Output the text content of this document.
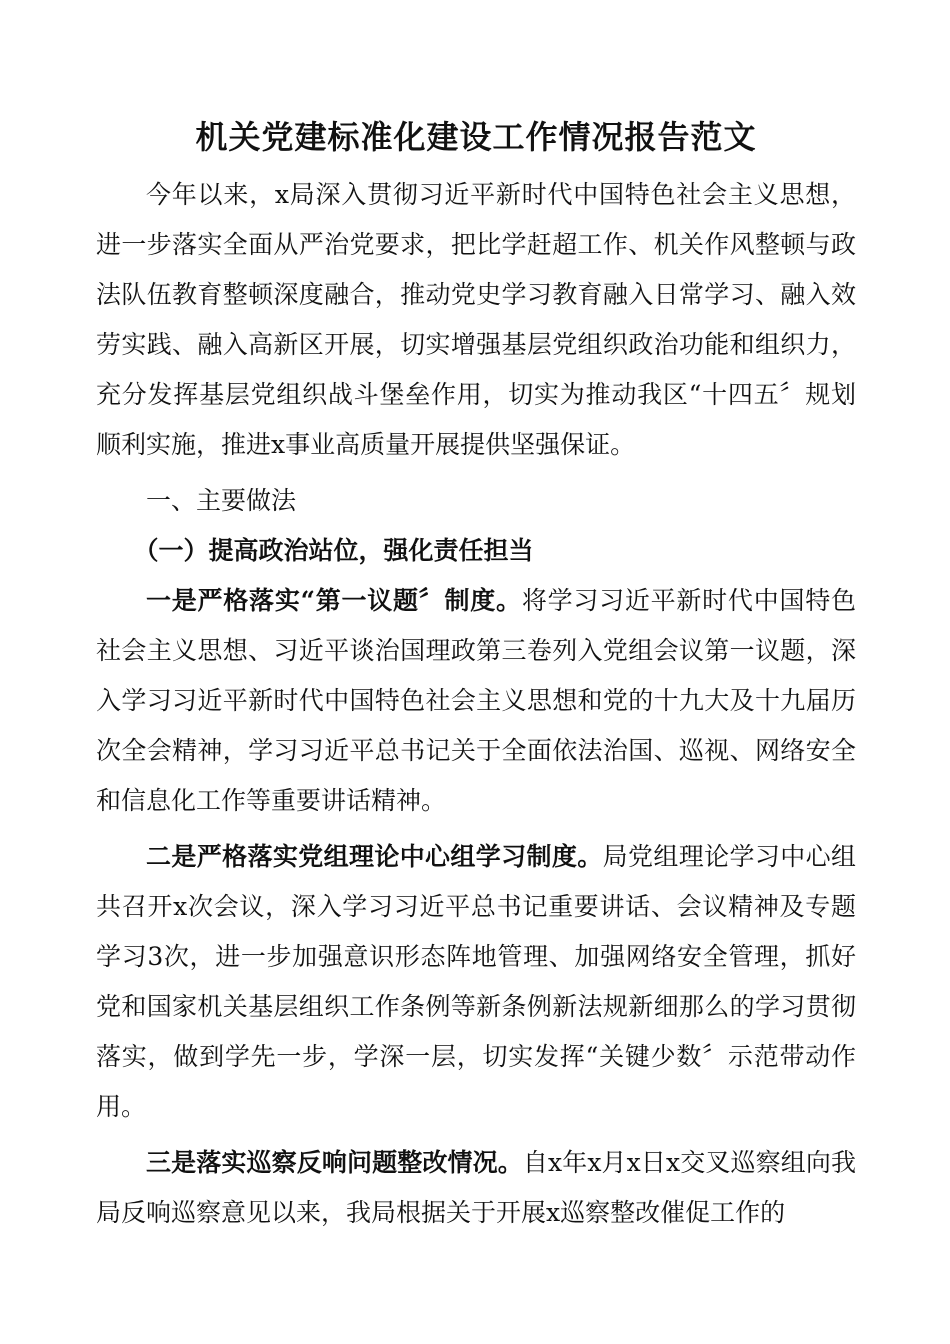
机关党建标准化建设工作情况报告范文

今年以来，x局深入贯彻习近平新时代中国特色社会主义思想，进一步落实全面从严治党要求，把比学赶超工作、机关作风整顿与政法队伍教育整顿深度融合，推动党史学习教育融入日常学习、融入效劳实践、融入高新区开展，切实增强基层党组织政治功能和组织力，充分发挥基层党组织战斗堡垒作用，切实为推动我区“十四五〞规划顺利实施，推进x事业高质量开展提供坚强保证。

一、主要做法

（一）提高政治站位，强化责任担当

一是严格落实“第一议题〞制度。将学习习近平新时代中国特色社会主义思想、习近平谈治国理政第三卷列入党组会议第一议题，深入学习习近平新时代中国特色社会主义思想和党的十九大及十九届历次全会精神，学习习近平总书记关于全面依法治国、巡视、网络安全和信息化工作等重要讲话精神。

二是严格落实党组理论中心组学习制度。局党组理论学习中心组共召开x次会议，深入学习习近平总书记重要讲话、会议精神及专题学习3次，进一步加强意识形态阵地管理、加强网络安全管理，抓好党和国家机关基层组织工作条例等新条例新法规新细那么的学习贯彻落实，做到学先一步，学深一层，切实发挥“关键少数〞示范带动作用。

三是落实巡察反响问题整改情况。自x年x月x日x交叉巡察组向我局反响巡察意见以来，我局根据关于开展x巡察整改催促工作的
